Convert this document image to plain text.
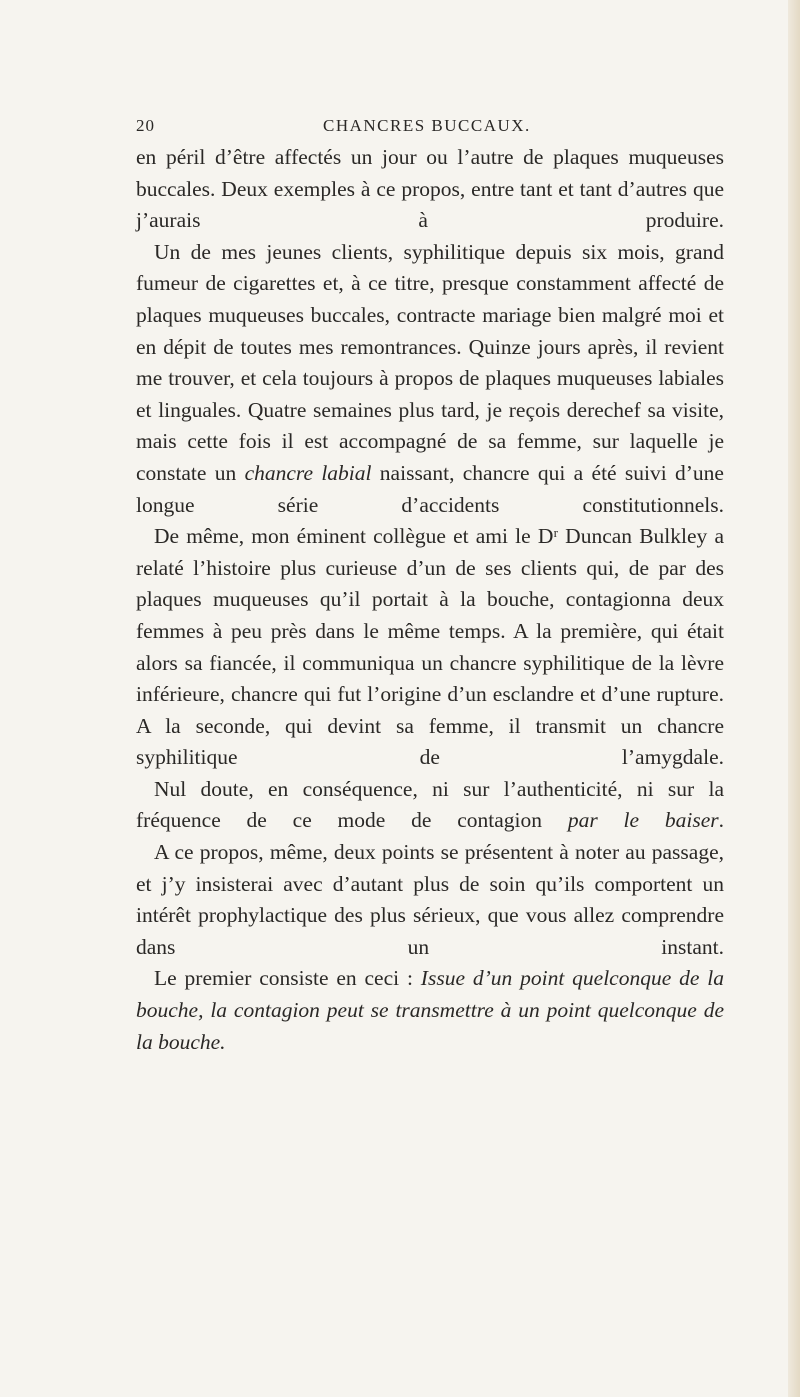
20	CHANCRES BUCCAUX.

en péril d’être affectés un jour ou l’autre de plaques muqueuses buccales. Deux exemples à ce propos, entre tant et tant d’autres que j’aurais à produire.

Un de mes jeunes clients, syphilitique depuis six mois, grand fumeur de cigarettes et, à ce titre, presque constamment affecté de plaques muqueuses buccales, contracte mariage bien malgré moi et en dépit de toutes mes remontrances. Quinze jours après, il revient me trouver, et cela toujours à propos de plaques muqueuses labiales et linguales. Quatre semaines plus tard, je reçois derechef sa visite, mais cette fois il est accompagné de sa femme, sur laquelle je constate un chancre labial naissant, chancre qui a été suivi d’une longue série d’accidents constitutionnels.

De même, mon éminent collègue et ami le Dʳ Duncan Bulkley a relaté l’histoire plus curieuse d’un de ses clients qui, de par des plaques muqueuses qu’il portait à la bouche, contagionna deux femmes à peu près dans le même temps. A la première, qui était alors sa fiancée, il communiqua un chancre syphilitique de la lèvre inférieure, chancre qui fut l’origine d’un esclandre et d’une rupture. A la seconde, qui devint sa femme, il transmit un chancre syphilitique de l’amygdale.

Nul doute, en conséquence, ni sur l’authenticité, ni sur la fréquence de ce mode de contagion par le baiser.

A ce propos, même, deux points se présentent à noter au passage, et j’y insisterai avec d’autant plus de soin qu’ils comportent un intérêt prophylactique des plus sérieux, que vous allez comprendre dans un instant.

Le premier consiste en ceci : Issue d’un point quelconque de la bouche, la contagion peut se transmettre à un point quelconque de la bouche.
